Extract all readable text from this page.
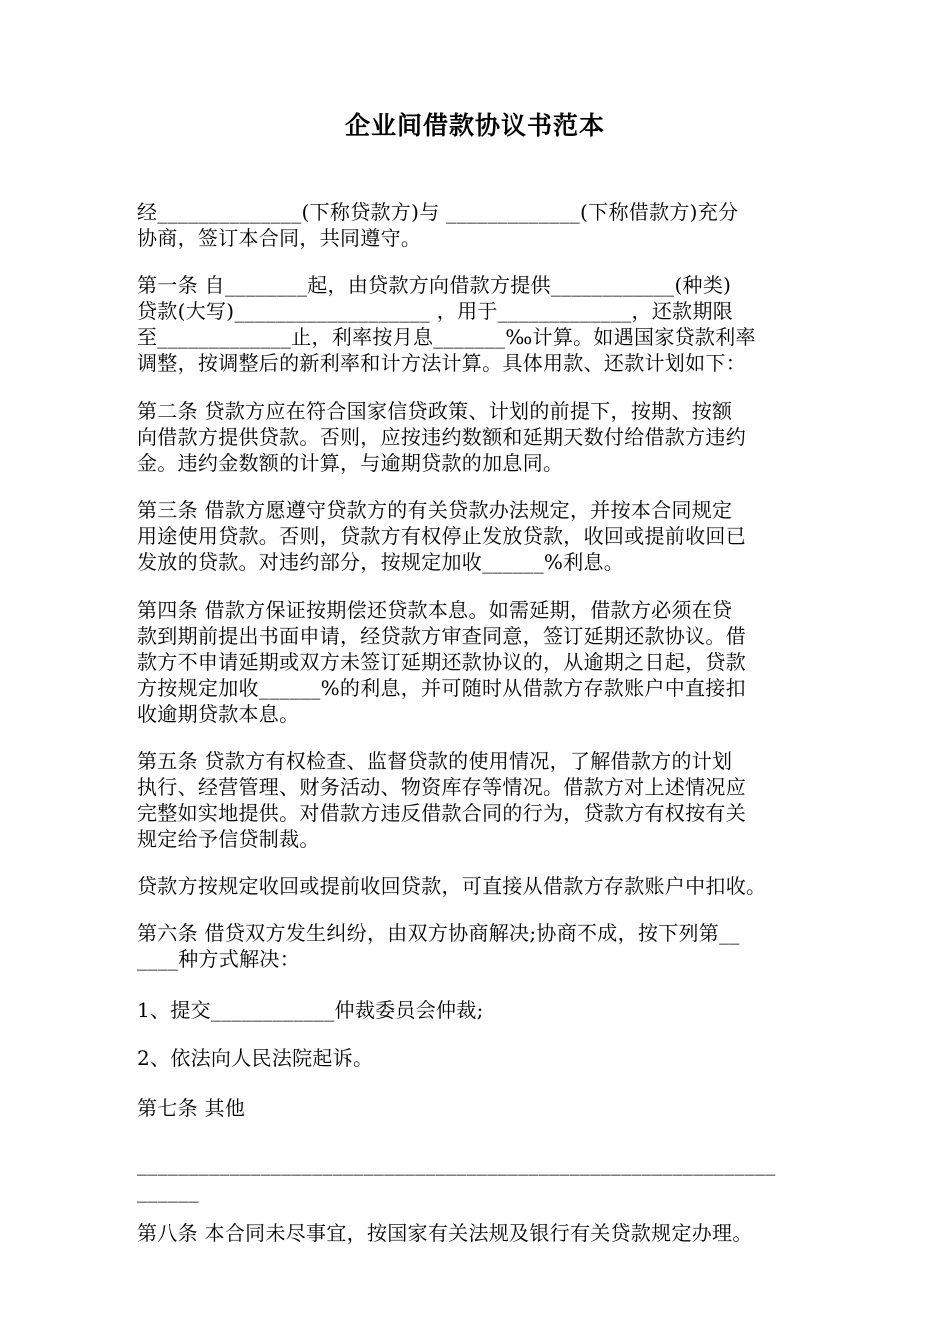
企业间借款协议书范本
经______________(下称贷款方)与 _____________(下称借款方)充分
协商，签订本合同，共同遵守。
第一条 自________起，由贷款方向借款方提供____________(种类)
贷款(大写)___________________ ，用于_____________，还款期限
至_____________止，利率按月息_______‰计算。如遇国家贷款利率
调整，按调整后的新利率和计方法计算。具体用款、还款计划如下：
第二条 贷款方应在符合国家信贷政策、计划的前提下，按期、按额
向借款方提供贷款。否则，应按违约数额和延期天数付给借款方违约
金。违约金数额的计算，与逾期贷款的加息同。
第三条 借款方愿遵守贷款方的有关贷款办法规定，并按本合同规定
用途使用贷款。否则，贷款方有权停止发放贷款，收回或提前收回已
发放的贷款。对违约部分，按规定加收______%利息。
第四条 借款方保证按期偿还贷款本息。如需延期，借款方必须在贷
款到期前提出书面申请，经贷款方审查同意，签订延期还款协议。借
款方不申请延期或双方未签订延期还款协议的，从逾期之日起，贷款
方按规定加收______%的利息，并可随时从借款方存款账户中直接扣
收逾期贷款本息。
第五条 贷款方有权检查、监督贷款的使用情况，了解借款方的计划
执行、经营管理、财务活动、物资库存等情况。借款方对上述情况应
完整如实地提供。对借款方违反借款合同的行为，贷款方有权按有关
规定给予信贷制裁。
贷款方按规定收回或提前收回贷款，可直接从借款方存款账户中扣收。
第六条 借贷双方发生纠纷，由双方协商解决;协商不成，按下列第__
____种方式解决：
1、提交____________仲裁委员会仲裁;
2、依法向人民法院起诉。
第七条 其他
______________________________________________________________
______
第八条 本合同未尽事宜，按国家有关法规及银行有关贷款规定办理。
